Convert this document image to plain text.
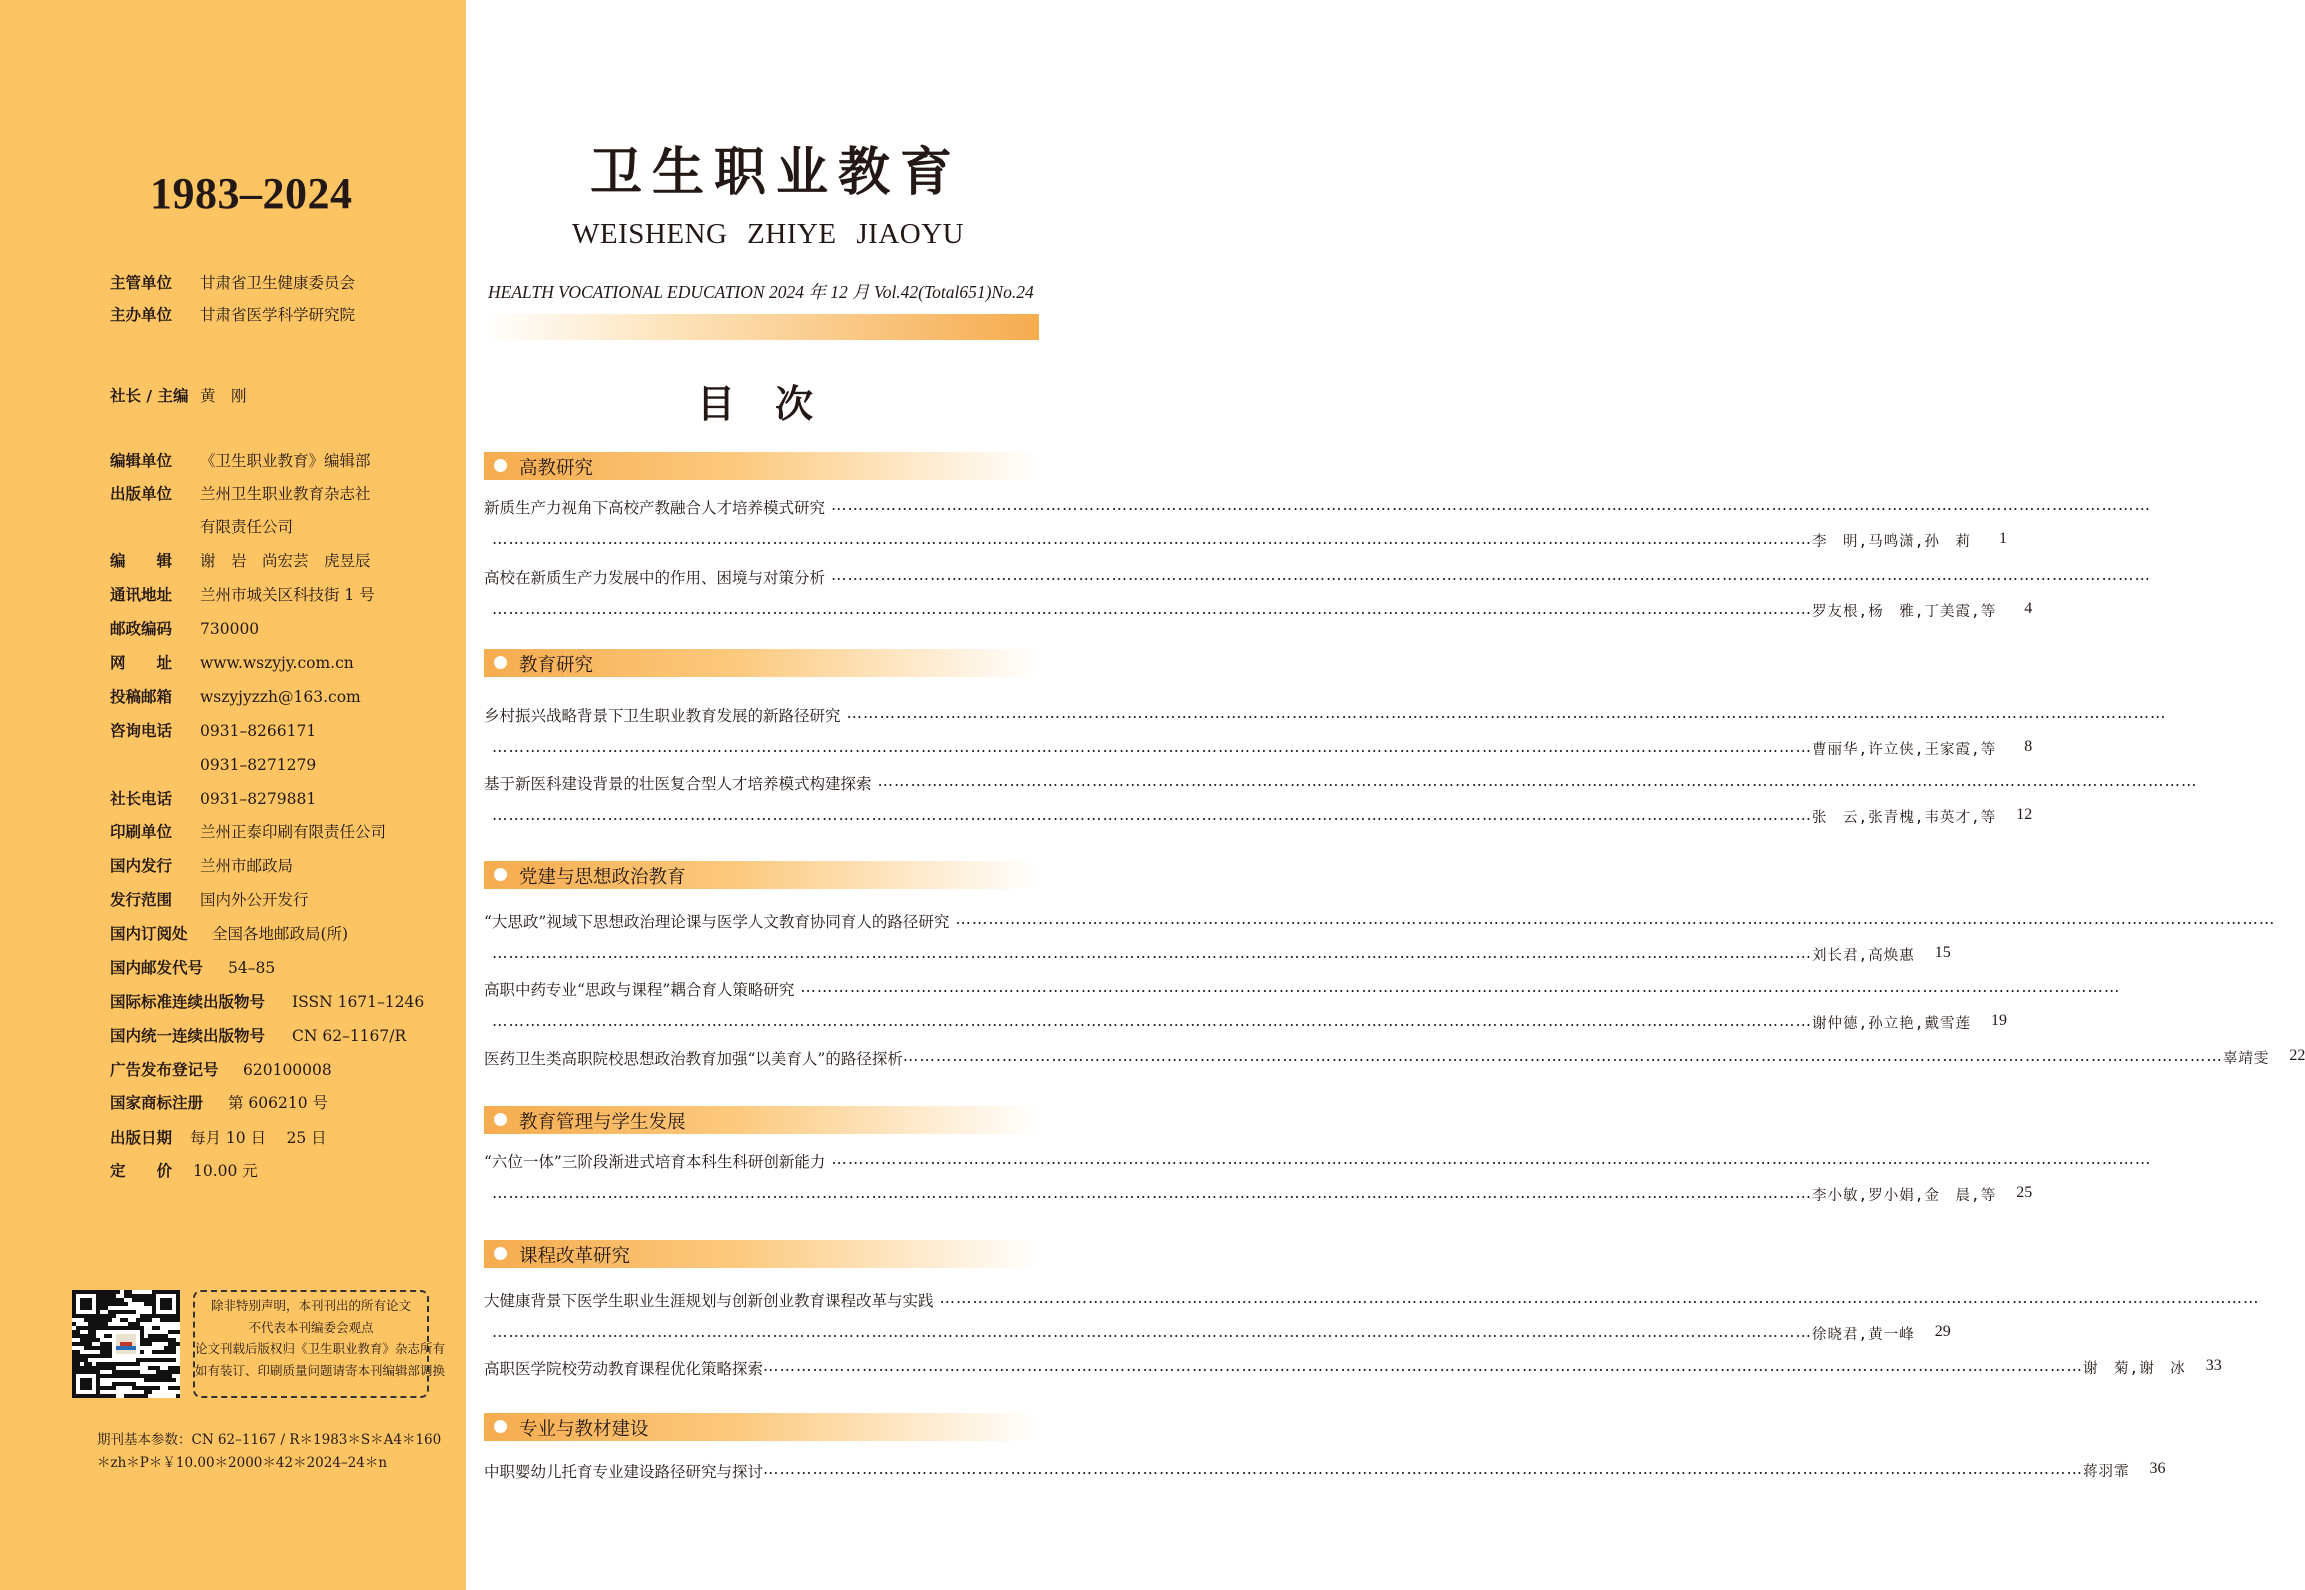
1983–2024
主管单位 甘肃省卫生健康委员会
主办单位 甘肃省医学科学研究院
社长 / 主编 黄　刚
编辑单位 《卫生职业教育》编辑部
出版单位 兰州卫生职业教育杂志社
有限责任公司
编　　辑 谢　岩　尚宏芸　虎昱辰
通讯地址 兰州市城关区科技街 1 号
邮政编码 730000
网　　址 www.wszyjy.com.cn
投稿邮箱 wszyjyzzh@163.com
咨询电话 0931–8266171
0931–8271279
社长电话 0931–8279881
印刷单位 兰州正泰印刷有限责任公司
国内发行 兰州市邮政局
发行范围 国内外公开发行
国内订阅处 全国各地邮政局(所)
国内邮发代号 54–85
国际标准连续出版物号 ISSN 1671–1246
国内统一连续出版物号 CN 62–1167/R
广告发布登记号 620100008
国家商标注册 第 606210 号
出版日期 每月 10 日　 25 日
定　　价 10.00 元
除非特别声明，本刊刊出的所有论文
不代表本刊编委会观点
论文刊载后版权归《卫生职业教育》杂志所有
如有装订、印刷质量问题请寄本刊编辑部调换
期刊基本参数：CN 62–1167 / R＊1983＊S＊A4＊160
＊zh＊P＊￥10.00＊2000＊42＊2024–24＊n
卫生职业教育
WEISHENG ZHIYE JIAOYU
HEALTH VOCATIONAL EDUCATION 2024 年 12 月 Vol.42(Total651)No.24
目次
高教研究
新质生产力视角下高校产教融合人才培养模式研究 ……………………………………………………………………………………………………………………………………………………………………………………………………………………
…………………………………………………………………………………………………………………………………………………………………………………………………………………… 李　明,马鸣潇,孙　莉	1
高校在新质生产力发展中的作用、困境与对策分析 ……………………………………………………………………………………………………………………………………………………………………………………………………………………
…………………………………………………………………………………………………………………………………………………………………………………………………………………… 罗友根,杨　雅,丁美霞,等	4
教育研究
乡村振兴战略背景下卫生职业教育发展的新路径研究 ……………………………………………………………………………………………………………………………………………………………………………………………………………………
…………………………………………………………………………………………………………………………………………………………………………………………………………………… 曹丽华,许立侠,王家霞,等	8
基于新医科建设背景的壮医复合型人才培养模式构建探索 ……………………………………………………………………………………………………………………………………………………………………………………………………………………
…………………………………………………………………………………………………………………………………………………………………………………………………………………… 张　云,张青槐,韦英才,等	12
党建与思想政治教育
“大思政”视域下思想政治理论课与医学人文教育协同育人的路径研究 ……………………………………………………………………………………………………………………………………………………………………………………………………………………
…………………………………………………………………………………………………………………………………………………………………………………………………………………… 刘长君,高焕惠	15
高职中药专业“思政与课程”耦合育人策略研究 ……………………………………………………………………………………………………………………………………………………………………………………………………………………
…………………………………………………………………………………………………………………………………………………………………………………………………………………… 谢仲德,孙立艳,戴雪莲	19
医药卫生类高职院校思想政治教育加强“以美育人”的路径探析 …………………………………………………………………………………………………………………………………………………………………………………………………………………… 辜靖雯	22
教育管理与学生发展
“六位一体”三阶段渐进式培育本科生科研创新能力 ……………………………………………………………………………………………………………………………………………………………………………………………………………………
…………………………………………………………………………………………………………………………………………………………………………………………………………………… 李小敏,罗小娟,金　晨,等	25
课程改革研究
大健康背景下医学生职业生涯规划与创新创业教育课程改革与实践 ……………………………………………………………………………………………………………………………………………………………………………………………………………………
…………………………………………………………………………………………………………………………………………………………………………………………………………………… 徐晓君,黄一峰	29
高职医学院校劳动教育课程优化策略探索 …………………………………………………………………………………………………………………………………………………………………………………………………………………… 谢　菊,谢　冰	33
专业与教材建设
中职婴幼儿托育专业建设路径研究与探讨 …………………………………………………………………………………………………………………………………………………………………………………………………………………… 蒋羽霏	36
